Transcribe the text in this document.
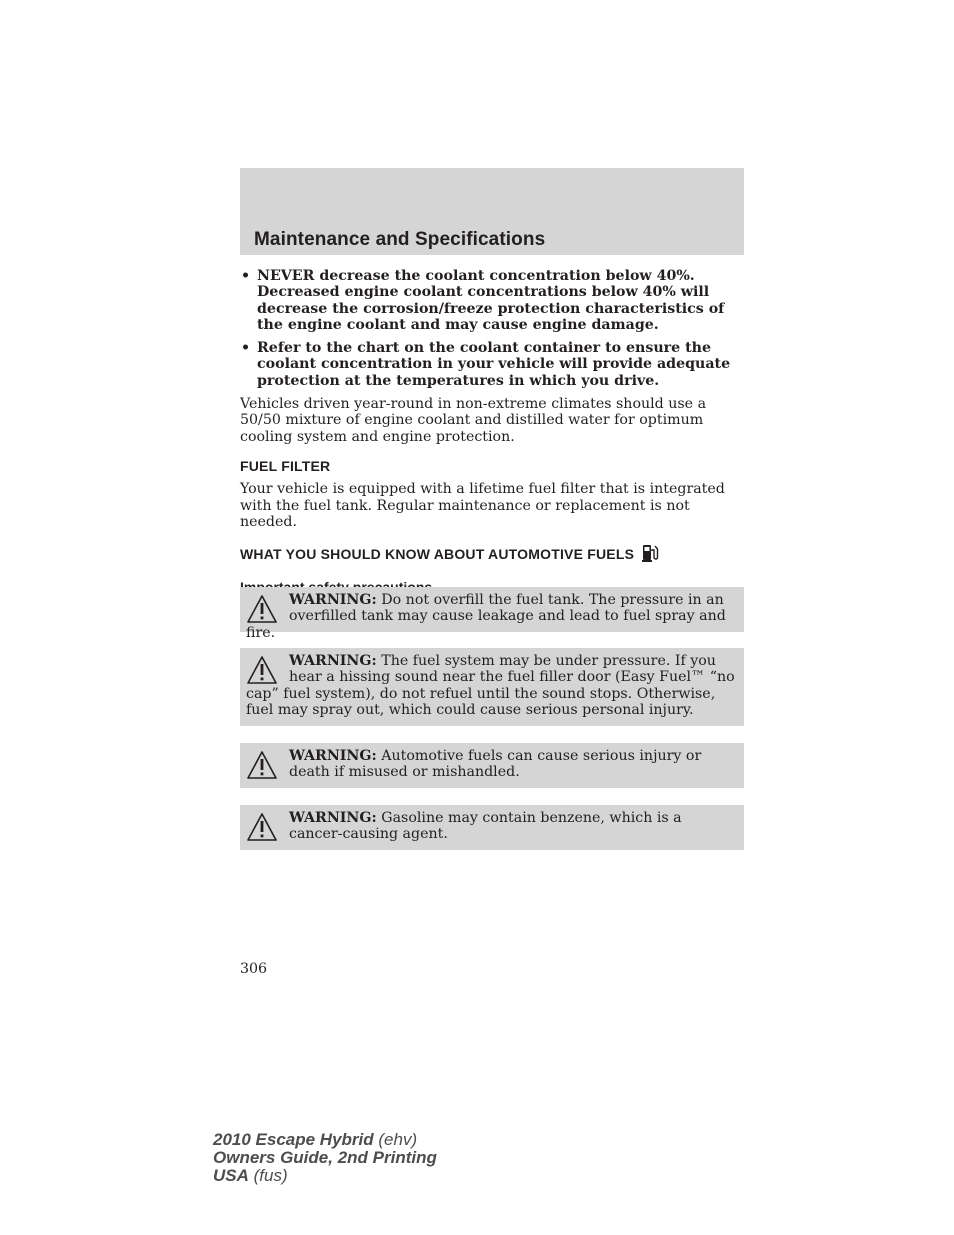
Maintenance and Specifications
• NEVER decrease the coolant concentration below 40%. Decreased engine coolant concentrations below 40% will decrease the corrosion/freeze protection characteristics of the engine coolant and may cause engine damage.
• Refer to the chart on the coolant container to ensure the coolant concentration in your vehicle will provide adequate protection at the temperatures in which you drive.

Vehicles driven year-round in non-extreme climates should use a 50/50 mixture of engine coolant and distilled water for optimum cooling system and engine protection.

FUEL FILTER

Your vehicle is equipped with a lifetime fuel filter that is integrated with the fuel tank. Regular maintenance or replacement is not needed.

WHAT YOU SHOULD KNOW ABOUT AUTOMOTIVE FUELS
WARNING: Do not overfill the fuel tank. The pressure in an overfilled tank may cause leakage and lead to fuel spray and fire.
WARNING: The fuel system may be under pressure. If you hear a hissing sound near the fuel filler door (Easy Fuel™ “no cap” fuel system), do not refuel until the sound stops. Otherwise, fuel may spray out, which could cause serious personal injury.
WARNING: Automotive fuels can cause serious injury or death if misused or mishandled.
WARNING: Gasoline may contain benzene, which is a cancer-causing agent.
306
2010 Escape Hybrid (ehv)
Owners Guide, 2nd Printing
USA (fus)
